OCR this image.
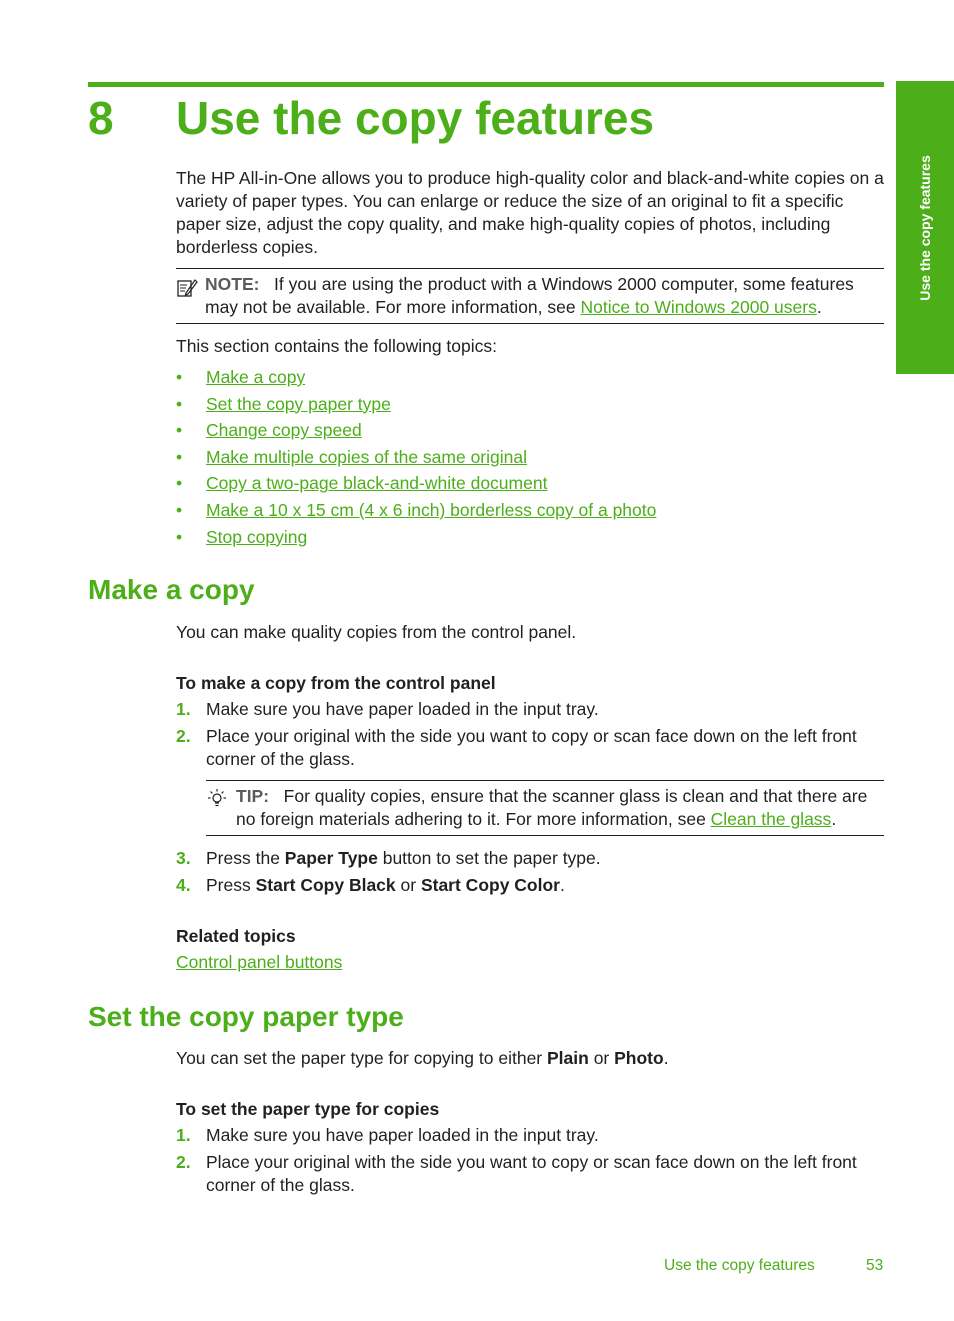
Use the copy features
8 Use the copy features
The HP All-in-One allows you to produce high-quality color and black-and-white copies on a variety of paper types. You can enlarge or reduce the size of an original to fit a specific paper size, adjust the copy quality, and make high-quality copies of photos, including borderless copies.
NOTE: If you are using the product with a Windows 2000 computer, some features may not be available. For more information, see Notice to Windows 2000 users.
This section contains the following topics:
• Make a copy
• Set the copy paper type
• Change copy speed
• Make multiple copies of the same original
• Copy a two-page black-and-white document
• Make a 10 x 15 cm (4 x 6 inch) borderless copy of a photo
• Stop copying
Make a copy
You can make quality copies from the control panel.
To make a copy from the control panel
1. Make sure you have paper loaded in the input tray.
2. Place your original with the side you want to copy or scan face down on the left front corner of the glass.
TIP: For quality copies, ensure that the scanner glass is clean and that there are no foreign materials adhering to it. For more information, see Clean the glass.
3. Press the Paper Type button to set the paper type.
4. Press Start Copy Black or Start Copy Color.
Related topics
Control panel buttons
Set the copy paper type
You can set the paper type for copying to either Plain or Photo.
To set the paper type for copies
1. Make sure you have paper loaded in the input tray.
2. Place your original with the side you want to copy or scan face down on the left front corner of the glass.
Use the copy features	53
